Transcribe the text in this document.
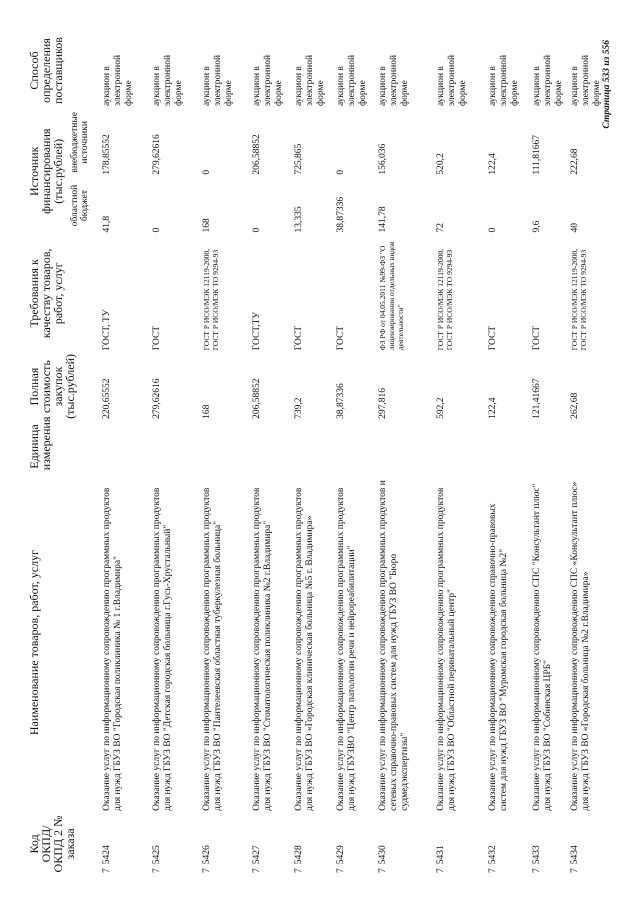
Код ОКПД/ ОКПД 2 № заказа	Наименование товаров, работ, услуг	Единица измерения	Полная стоимость закупок (тыс.рублей)	Требования к качеству товаров, работ, услуг	Источник финансирования (тыс.рублей)		Способ определения поставщиков
					областной бюджет	внебюджетные источники	

75424	Оказание услуг по информационному сопровождению программных продуктов для нужд ГБУЗ ВО "Городская поликлиника № 1 г.Владимира"		220,65552	ГОСТ, ТУ	41,8	178,85552	аукцион в электронной форме
75425	Оказание услуг по информационному сопровождению программных продуктов для нужд ГБУЗ ВО "Детская городская больница г.Гусь-Хрустальный"		279,62616	ГОСТ	0	279,62616	аукцион в электронной форме
75426	Оказание услуг по информационному сопровождению программных продуктов для нужд ГБУЗ ВО "Пантелеевская областная туберкулезная больница"		168	ГОСТ Р ИСО/МЭК 12119-2000, ГОСТ Р ИСО/МЭК ТО 9294-93	168	0	аукцион в электронной форме
75427	Оказание услуг по информационному сопровождению программных продуктов для нужд ГБУЗ ВО "Стоматологическая поликлиника №2 г.Владимира"		206,58852	ГОСТ,ТУ	0	206,58852	аукцион в электронной форме
75428	Оказание услуг по информационному сопровождению программных продуктов для нужд ГБУЗ ВО «Городская клиническая больница №5 г. Владимира»		739,2	ГОСТ	13,335	725,865	аукцион в электронной форме
75429	Оказание услуг по информационному сопровождению программных продуктов для нужд ГБУЗВО "Центр патологии речи и нейрореабилитации"		38,87336	ГОСТ	38,87336	0	аукцион в электронной форме
75430	Оказание услуг по информационному сопровождению программных продуктов и сетевых справочно-правовых систем для нужд ГБУЗ ВО "Бюро судмедэкспертизы"		297,816	ФЗ РФ от 04.05.2011 №99-ФЗ "О лицензировании отдельных видов деятельности"	141,78	156,036	аукцион в электронной форме
75431	Оказание услуг по информационному сопровождению программных продуктов для нужд ГБУЗ ВО "Областной перинатальный центр"		592,2	ГОСТ Р ИСО/МЭК 12119-2000, ГОСТ Р ИСО/МЭК ТО 9294-93	72	520,2	аукцион в электронной форме
75432	Оказание услуг по информационному сопровождению справочно-правовых систем для нужд ГБУЗ ВО "Муромская городская больница №2"		122,4	ГОСТ	0	122,4	аукцион в электронной форме
75433	Оказание услуг по информационному сопровождению СПС "Консультант плюс" для нужд ГБУЗ ВО "Собинская ЦРБ"		121,41667	ГОСТ	9,6	111,81667	аукцион в электронной форме
75434	Оказание услуг по информационному сопровождению СПС «Консультант плюс» для нужд ГБУЗ ВО «Городская больница №2 г.Владимира»		262,68	ГОСТ Р ИСО/МЭК 12119-2000, ГОСТ Р ИСО/МЭК ТО 9294-93	40	222,68	аукцион в электронной форме Страница 533 из 556
